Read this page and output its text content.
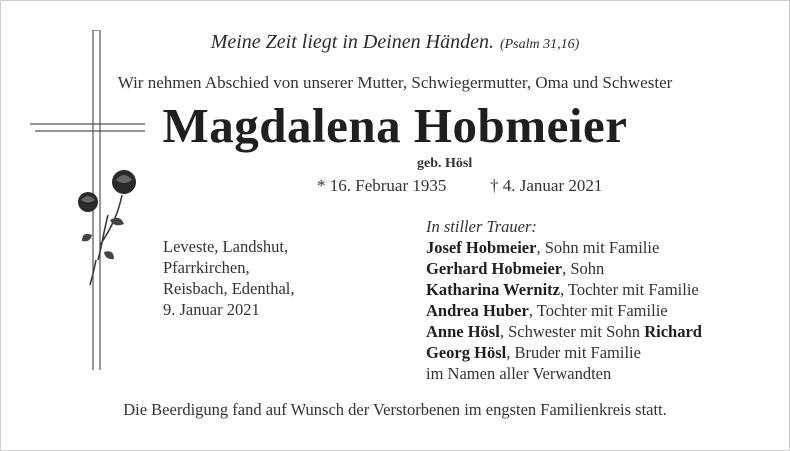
Meine Zeit liegt in Deinen Händen. (Psalm 31,16)
Wir nehmen Abschied von unserer Mutter, Schwiegermutter, Oma und Schwester
Magdalena Hobmeier
geb. Hösl
* 16. Februar 1935	† 4. Januar 2021
Leveste, Landshut,
Pfarrkirchen,
Reisbach, Edenthal,
9. Januar 2021
In stiller Trauer:
Josef Hobmeier, Sohn mit Familie
Gerhard Hobmeier, Sohn
Katharina Wernitz, Tochter mit Familie
Andrea Huber, Tochter mit Familie
Anne Hösl, Schwester mit Sohn Richard
Georg Hösl, Bruder mit Familie
im Namen aller Verwandten
Die Beerdigung fand auf Wunsch der Verstorbenen im engsten Familienkreis statt.
